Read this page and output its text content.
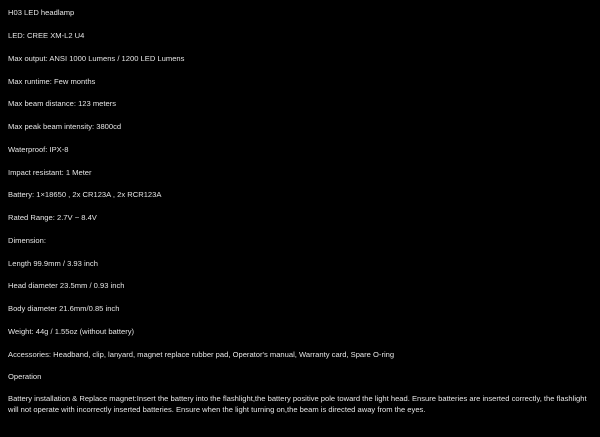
H03 LED headlamp
LED: CREE XM-L2 U4
Max output: ANSI 1000 Lumens / 1200 LED Lumens
Max runtime: Few months
Max beam distance: 123 meters
Max peak beam intensity: 3800cd
Waterproof: IPX-8
Impact resistant: 1 Meter
Battery: 1×18650 , 2x CR123A , 2x RCR123A
Rated Range: 2.7V ~ 8.4V
Dimension:
Length 99.9mm / 3.93 inch
Head diameter 23.5mm / 0.93 inch
Body diameter 21.6mm/0.85 inch
Weight: 44g / 1.55oz (without battery)
Accessories: Headband, clip, lanyard, magnet replace rubber pad, Operator's manual, Warranty card, Spare O-ring
Operation
Battery installation & Replace magnet:Insert the battery into the flashlight,the battery positive pole toward the light head. Ensure batteries are inserted correctly, the flashlight will not operate with incorrectly inserted batteries. Ensure when the light turning on,the beam is directed away from the eyes.
